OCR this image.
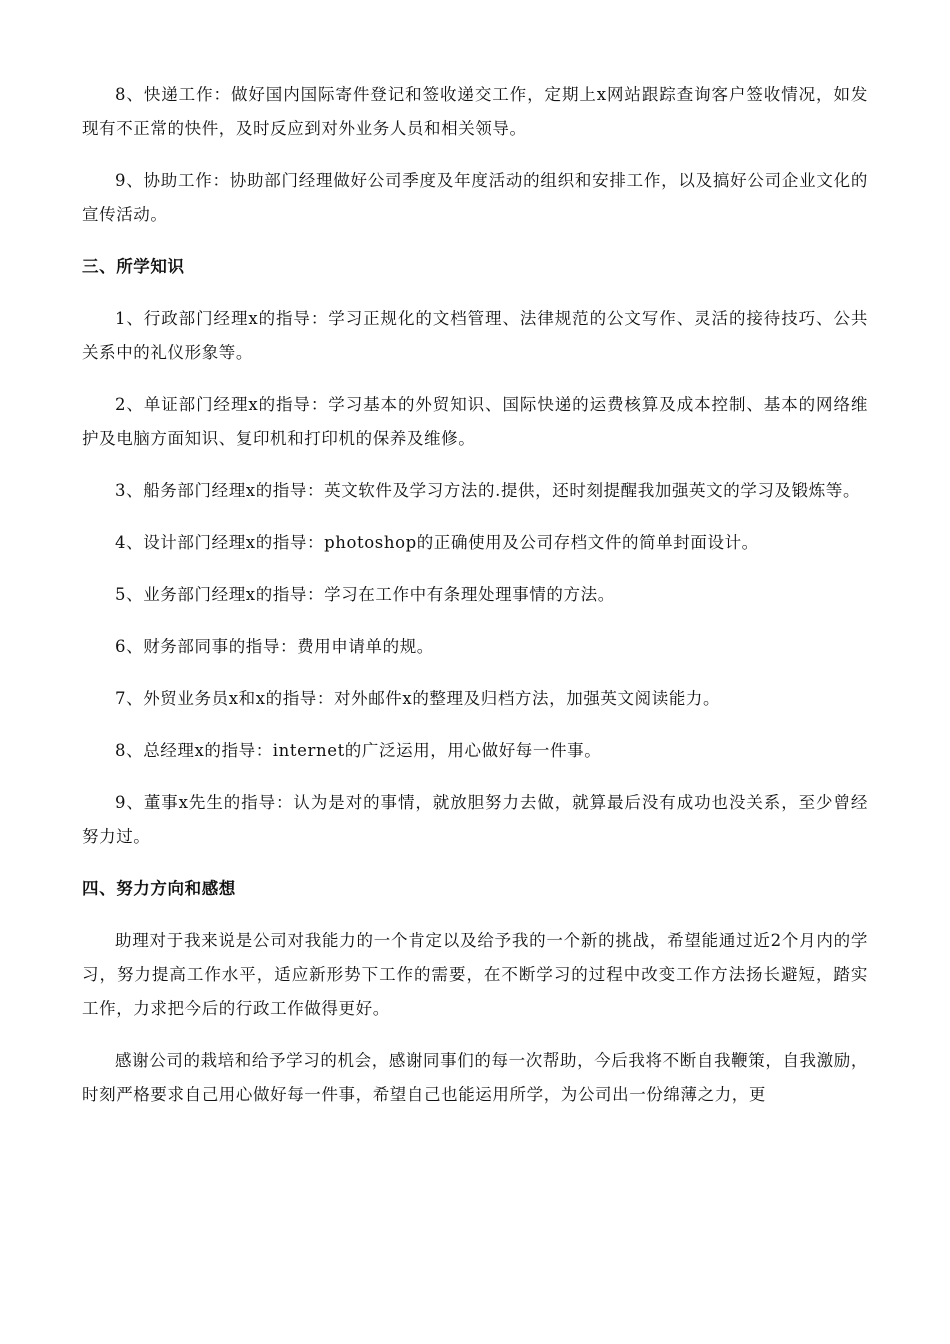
8、快递工作：做好国内国际寄件登记和签收递交工作，定期上x网站跟踪查询客户签收情况，如发现有不正常的快件，及时反应到对外业务人员和相关领导。

9、协助工作：协助部门经理做好公司季度及年度活动的组织和安排工作，以及搞好公司企业文化的宣传活动。

三、所学知识

1、行政部门经理x的指导：学习正规化的文档管理、法律规范的公文写作、灵活的接待技巧、公共关系中的礼仪形象等。

2、单证部门经理x的指导：学习基本的外贸知识、国际快递的运费核算及成本控制、基本的网络维护及电脑方面知识、复印机和打印机的保养及维修。

3、船务部门经理x的指导：英文软件及学习方法的.提供，还时刻提醒我加强英文的学习及锻炼等。

4、设计部门经理x的指导：photoshop的正确使用及公司存档文件的简单封面设计。

5、业务部门经理x的指导：学习在工作中有条理处理事情的方法。

6、财务部同事的指导：费用申请单的规。

7、外贸业务员x和x的指导：对外邮件x的整理及归档方法，加强英文阅读能力。

8、总经理x的指导：internet的广泛运用，用心做好每一件事。

9、董事x先生的指导：认为是对的事情，就放胆努力去做，就算最后没有成功也没关系，至少曾经努力过。

四、努力方向和感想

助理对于我来说是公司对我能力的一个肯定以及给予我的一个新的挑战，希望能通过近2个月内的学习，努力提高工作水平，适应新形势下工作的需要，在不断学习的过程中改变工作方法扬长避短，踏实工作，力求把今后的行政工作做得更好。

感谢公司的栽培和给予学习的机会，感谢同事们的每一次帮助，今后我将不断自我鞭策，自我激励，时刻严格要求自己用心做好每一件事，希望自己也能运用所学，为公司出一份绵薄之力，更
